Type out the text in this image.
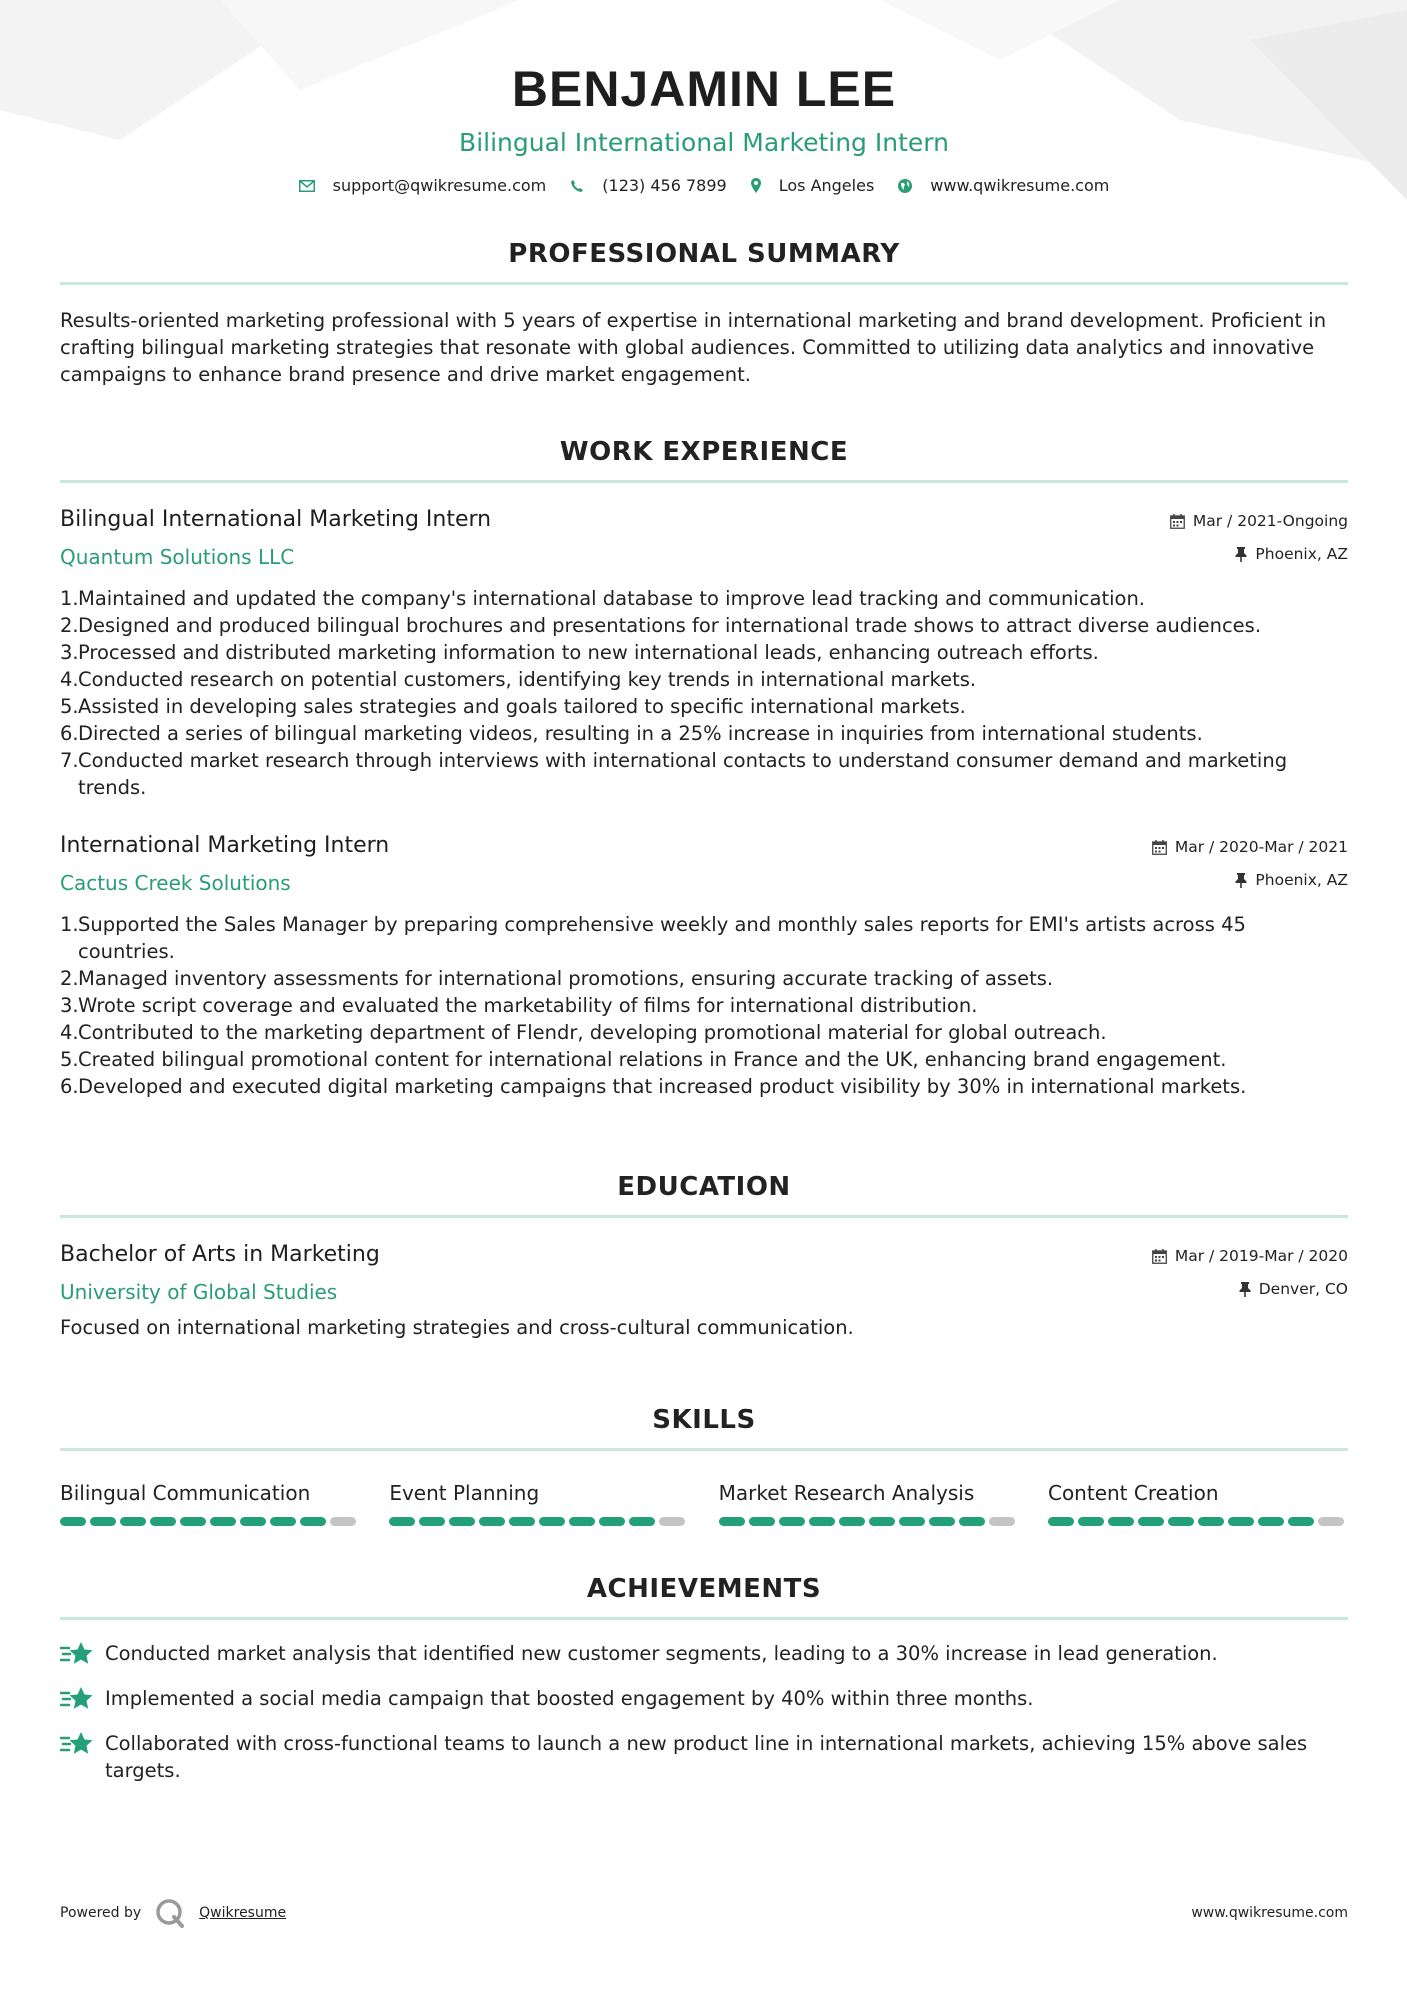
BENJAMIN LEE
Bilingual International Marketing Intern
support@qwikresume.com	(123) 456 7899	Los Angeles	www.qwikresume.com
PROFESSIONAL SUMMARY

Results-oriented marketing professional with 5 years of expertise in international marketing and brand development. Proficient in crafting bilingual marketing strategies that resonate with global audiences. Committed to utilizing data analytics and innovative campaigns to enhance brand presence and drive market engagement.

WORK EXPERIENCE
Bilingual International Marketing Intern
Quantum Solutions LLC
Mar / 2021-Ongoing
Phoenix, AZ
1. Maintained and updated the company's international database to improve lead tracking and communication.
2. Designed and produced bilingual brochures and presentations for international trade shows to attract diverse audiences.
3. Processed and distributed marketing information to new international leads, enhancing outreach efforts.
4. Conducted research on potential customers, identifying key trends in international markets.
5. Assisted in developing sales strategies and goals tailored to specific international markets.
6. Directed a series of bilingual marketing videos, resulting in a 25% increase in inquiries from international students.
7. Conducted market research through interviews with international contacts to understand consumer demand and marketing trends.
International Marketing Intern
Cactus Creek Solutions
Mar / 2020-Mar / 2021
Phoenix, AZ
1. Supported the Sales Manager by preparing comprehensive weekly and monthly sales reports for EMI's artists across 45 countries.
2. Managed inventory assessments for international promotions, ensuring accurate tracking of assets.
3. Wrote script coverage and evaluated the marketability of films for international distribution.
4. Contributed to the marketing department of Flendr, developing promotional material for global outreach.
5. Created bilingual promotional content for international relations in France and the UK, enhancing brand engagement.
6. Developed and executed digital marketing campaigns that increased product visibility by 30% in international markets.
EDUCATION
Bachelor of Arts in Marketing
University of Global Studies
Mar / 2019-Mar / 2020
Denver, CO

Focused on international marketing strategies and cross-cultural communication.

SKILLS
Bilingual Communication	Event Planning	Market Research Analysis	Content Creation
ACHIEVEMENTS
Conducted market analysis that identified new customer segments, leading to a 30% increase in lead generation.
Implemented a social media campaign that boosted engagement by 40% within three months.
Collaborated with cross-functional teams to launch a new product line in international markets, achieving 15% above sales targets.
Powered by	Qwikresume	www.qwikresume.com
